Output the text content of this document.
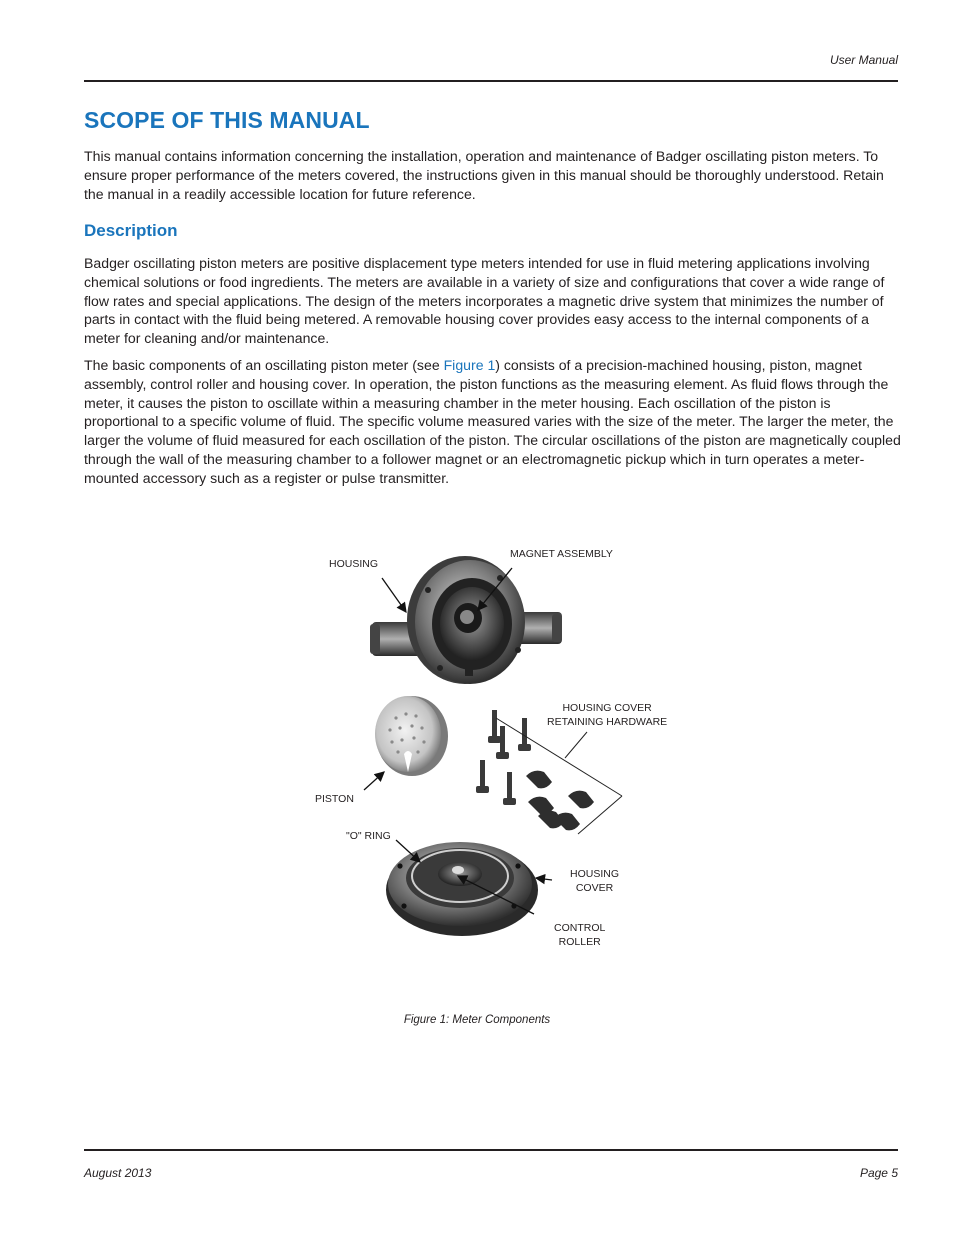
User Manual
SCOPE OF THIS MANUAL

This manual contains information concerning the installation, operation and maintenance of Badger oscillating piston meters. To ensure proper performance of the meters covered, the instructions given in this manual should be thoroughly understood. Retain the manual in a readily accessible location for future reference.

Description

Badger oscillating piston meters are positive displacement type meters intended for use in fluid metering applications involving chemical solutions or food ingredients. The meters are available in a variety of size and configurations that cover a wide range of flow rates and special applications. The design of the meters incorporates a magnetic drive system that minimizes the number of parts in contact with the fluid being metered. A removable housing cover provides easy access to the internal components of a meter for cleaning and/or maintenance.

The basic components of an oscillating piston meter (see Figure 1) consists of a precision-machined housing, piston, magnet assembly, control roller and housing cover. In operation, the piston functions as the measuring element. As fluid flows through the meter, it causes the piston to oscillate within a measuring chamber in the meter housing. Each oscillation of the piston is proportional to a specific volume of fluid. The specific volume measured varies with the size of the meter. The larger the meter, the larger the volume of fluid measured for each oscillation of the piston. The circular oscillations of the piston are magnetically coupled through the wall of the measuring chamber to a follower magnet or an electromagnetic pickup which in turn operates a meter-mounted accessory such as a register or pulse transmitter.

HOUSING
MAGNET ASSEMBLY
HOUSING COVER
RETAINING HARDWARE
PISTON
"O" RING
HOUSING
COVER
CONTROL
ROLLER
Figure 1: Meter Components
August 2013	Page 5
